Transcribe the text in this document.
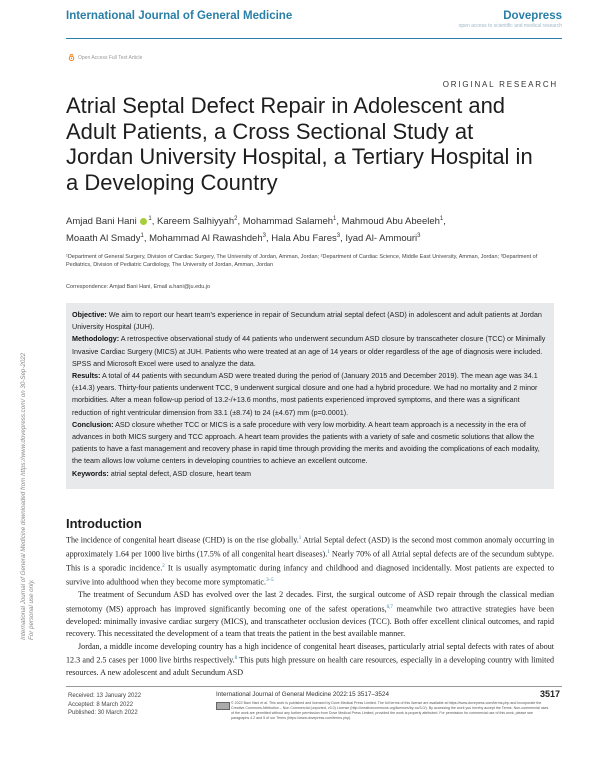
International Journal of General Medicine	Dovepress
open access to scientific and medical research
Open Access Full Text Article
ORIGINAL RESEARCH
Atrial Septal Defect Repair in Adolescent and Adult Patients, a Cross Sectional Study at Jordan University Hospital, a Tertiary Hospital in a Developing Country
Amjad Bani Hani $^1$, Kareem Salhiyyah$^2$, Mohammad Salameh$^1$, Mahmoud Abu Abeeleh$^1$,
Moaath Al Smady$^1$, Mohammad Al Rawashdeh$^3$, Hala Abu Fares$^3$, Iyad Al- Ammouri$^3$
¹Department of General Surgery, Division of Cardiac Surgery, The University of Jordan, Amman, Jordan; ²Department of Cardiac Science, Middle East University, Amman, Jordan; ³Department of Pediatrics, Division of Pediatric Cardiology, The University of Jordan, Amman, Jordan
Correspondence: Amjad Bani Hani, Email a.hani@ju.edu.jo

Objective: We aim to report our heart team's experience in repair of Secundum atrial septal defect (ASD) in adolescent and adult patients at Jordan University Hospital (JUH).

Methodology: A retrospective observational study of 44 patients who underwent secundum ASD closure by transcatheter closure (TCC) or Minimally Invasive Cardiac Surgery (MICS) at JUH. Patients who were treated at an age of 14 years or older regardless of the age of diagnosis were included. SPSS and Microsoft Excel were used to analyze the data.

Results: A total of 44 patients with secundum ASD were treated during the period of (January 2015 and December 2019). The mean age was 34.1 (±14.3) years. Thirty-four patients underwent TCC, 9 underwent surgical closure and one had a hybrid procedure. We had no mortality and 2 minor morbidities. After a mean follow-up period of 13.2-/+13.6 months, most patients experienced improved symptoms, and there was a significant reduction of right ventricular dimension from 33.1 (±8.74) to 24 (±4.67) mm (p=0.0001).

Conclusion: ASD closure whether TCC or MICS is a safe procedure with very low morbidity. A heart team approach is a necessity in the era of advances in both MICS surgery and TCC approach. A heart team provides the patients with a variety of safe and cosmetic solutions that allow the patients to have a fast management and recovery phase in rapid time through providing the merits and avoiding the complications of each modality, the team allows low volume centers in developing countries to achieve an excellent outcome.

Keywords: atrial septal defect, ASD closure, heart team

International Journal of General Medicine downloaded from https://www.dovepress.com/ on 30-Sep-2022 For personal use only.
Introduction

The incidence of congenital heart disease (CHD) is on the rise globally.$^1$ Atrial Septal defect (ASD) is the second most common anomaly occurring in approximately 1.64 per 1000 live births (17.5% of all congenital heart diseases).$^1$ Nearly 70% of all Atrial septal defects are of the secundum subtype. This is a sporadic incidence.$^2$ It is usually asymptomatic during infancy and childhood and diagnosed incidentally. Most patients are expected to survive into adulthood when they become more symptomatic.$^{3-5}$

The treatment of Secundum ASD has evolved over the last 2 decades. First, the surgical outcome of ASD repair through the classical median sternotomy (MS) approach has improved significantly becoming one of the safest operations,$^{6,7}$ meanwhile two attractive strategies have been developed: minimally invasive cardiac surgery (MICS), and transcatheter occlusion devices (TCC). Both offer excellent clinical outcomes, and rapid recovery. This necessitated the development of a team that treats the patient in the best available manner.

Jordan, a middle income developing country has a high incidence of congenital heart diseases, particularly atrial septal defects with rates of about 12.3 and 2.5 cases per 1000 live births respectively.$^8$ This puts high pressure on health care resources, especially in a developing country with limited resources. A new adolescent and adult Secundum ASD

Received: 13 January 2022
Accepted: 8 March 2022
Published: 30 March 2022
International Journal of General Medicine 2022:15 3517–3524	3517
© 2022 Bani Hani et al. This work is published and licensed by Dove Medical Press Limited. The full terms of this license are available at https://www.dovepress.com/terms.php and incorporate the Creative Commons Attribution – Non Commercial (unported, v3.0) License (http://creativecommons.org/licenses/by-nc/3.0/). By accessing the work you hereby accept the Terms. Non-commercial uses of the work are permitted without any further permission from Dove Medical Press Limited, provided the work is properly attributed. For permission for commercial use of this work, please see paragraphs 4.2 and 5 of our Terms (https://www.dovepress.com/terms.php).
